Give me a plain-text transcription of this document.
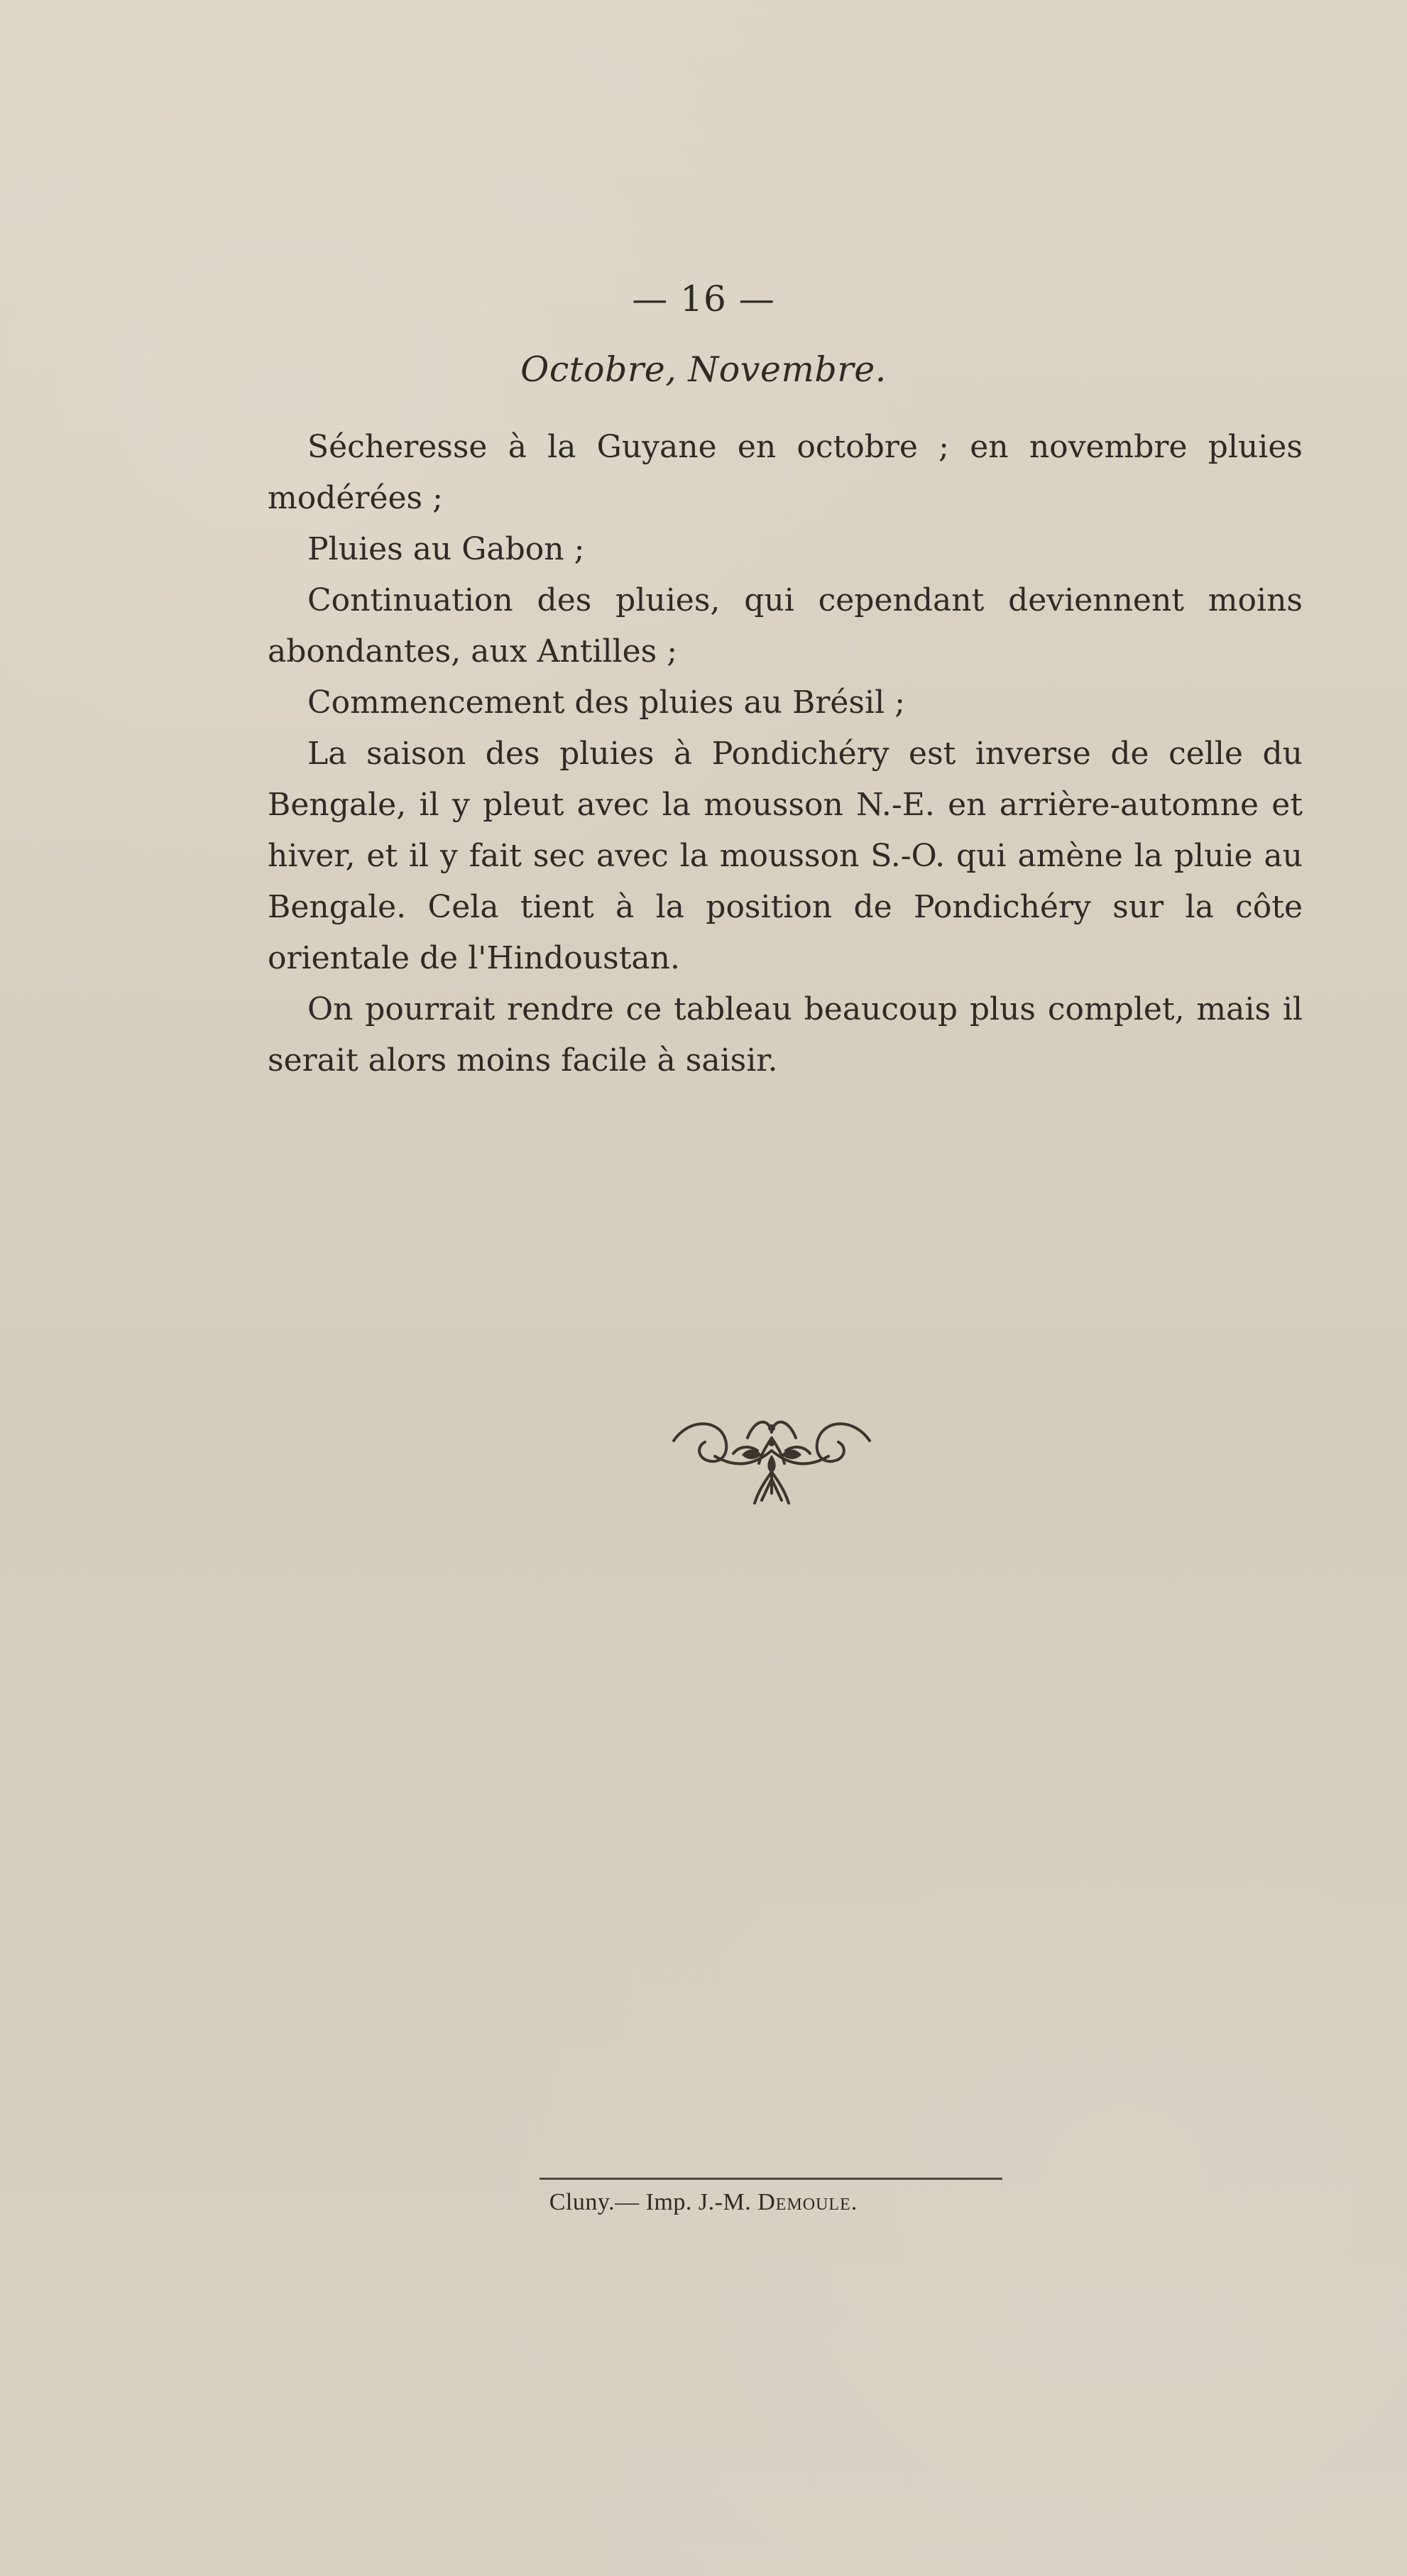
— 16 —
Octobre, Novembre.

Sécheresse à la Guyane en octobre ; en novembre pluies modérées ;

Pluies au Gabon ;

Continuation des pluies, qui cependant deviennent moins abondantes, aux Antilles ;

Commencement des pluies au Brésil ;

La saison des pluies à Pondichéry est inverse de celle du Bengale, il y pleut avec la mousson N.-E. en arrière-automne et hiver, et il y fait sec avec la mousson S.-O. qui amène la pluie au Bengale. Cela tient à la position de Pondichéry sur la côte orientale de l'Hindoustan.

On pourrait rendre ce tableau beaucoup plus complet, mais il serait alors moins facile à saisir.

Cluny.— Imp. J.-M. Demoule.
